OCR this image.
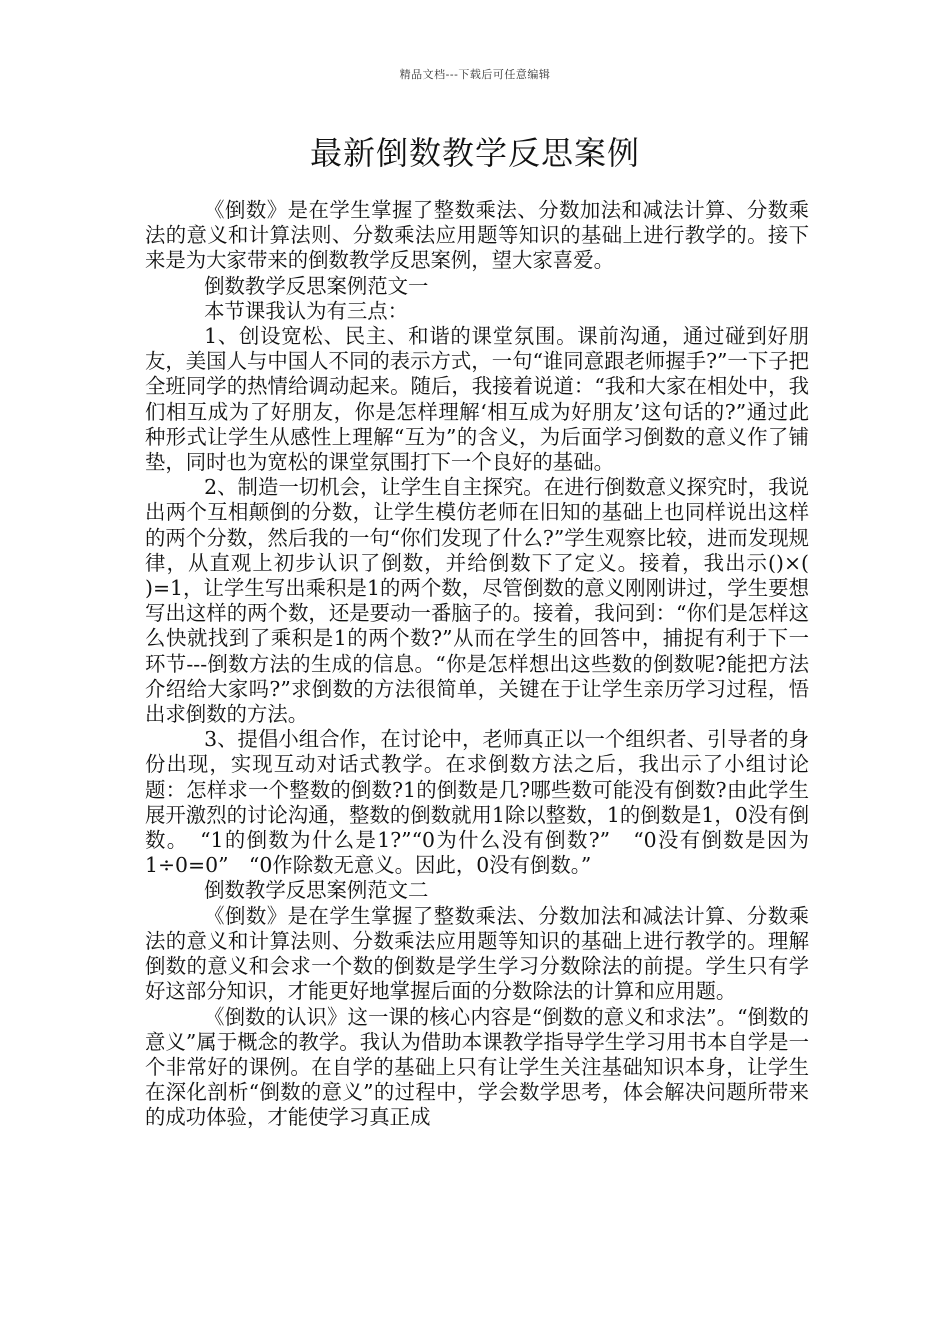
精品文档---下载后可任意编辑
最新倒数教学反思案例

《倒数》是在学生掌握了整数乘法、分数加法和减法计算、分数乘法的意义和计算法则、分数乘法应用题等知识的基础上进行教学的。接下来是为大家带来的倒数教学反思案例，望大家喜爱。

倒数教学反思案例范文一

本节课我认为有三点：

1、创设宽松、民主、和谐的课堂氛围。课前沟通，通过碰到好朋友，美国人与中国人不同的表示方式，一句“谁同意跟老师握手?”一下子把全班同学的热情给调动起来。随后，我接着说道：“我和大家在相处中，我们相互成为了好朋友，你是怎样理解‘相互成为好朋友’这句话的?”通过此种形式让学生从感性上理解“互为”的含义，为后面学习倒数的意义作了铺垫，同时也为宽松的课堂氛围打下一个良好的基础。

2、制造一切机会，让学生自主探究。在进行倒数意义探究时，我说出两个互相颠倒的分数，让学生模仿老师在旧知的基础上也同样说出这样的两个分数，然后我的一句“你们发现了什么?”学生观察比较，进而发现规律，从直观上初步认识了倒数，并给倒数下了定义。接着，我出示()×( )=1，让学生写出乘积是1的两个数，尽管倒数的意义刚刚讲过，学生要想写出这样的两个数，还是要动一番脑子的。接着，我问到：“你们是怎样这么快就找到了乘积是1的两个数?”从而在学生的回答中，捕捉有利于下一环节---倒数方法的生成的信息。“你是怎样想出这些数的倒数呢?能把方法介绍给大家吗?”求倒数的方法很简单，关键在于让学生亲历学习过程，悟出求倒数的方法。

3、提倡小组合作，在讨论中，老师真正以一个组织者、引导者的身份出现，实现互动对话式教学。在求倒数方法之后，我出示了小组讨论题：怎样求一个整数的倒数?1的倒数是几?哪些数可能没有倒数?由此学生展开激烈的讨论沟通，整数的倒数就用1除以整数，1的倒数是1，0没有倒数。　“1的倒数为什么是1?”“0为什么没有倒数?”　“0没有倒数是因为1÷0=0”　“0作除数无意义。因此，0没有倒数。”

倒数教学反思案例范文二

《倒数》是在学生掌握了整数乘法、分数加法和减法计算、分数乘法的意义和计算法则、分数乘法应用题等知识的基础上进行教学的。理解倒数的意义和会求一个数的倒数是学生学习分数除法的前提。学生只有学好这部分知识，才能更好地掌握后面的分数除法的计算和应用题。

《倒数的认识》这一课的核心内容是“倒数的意义和求法”。“倒数的意义”属于概念的教学。我认为借助本课教学指导学生学习用书本自学是一个非常好的课例。在自学的基础上只有让学生关注基础知识本身，让学生在深化剖析“倒数的意义”的过程中，学会数学思考，体会解决问题所带来的成功体验，才能使学习真正成
